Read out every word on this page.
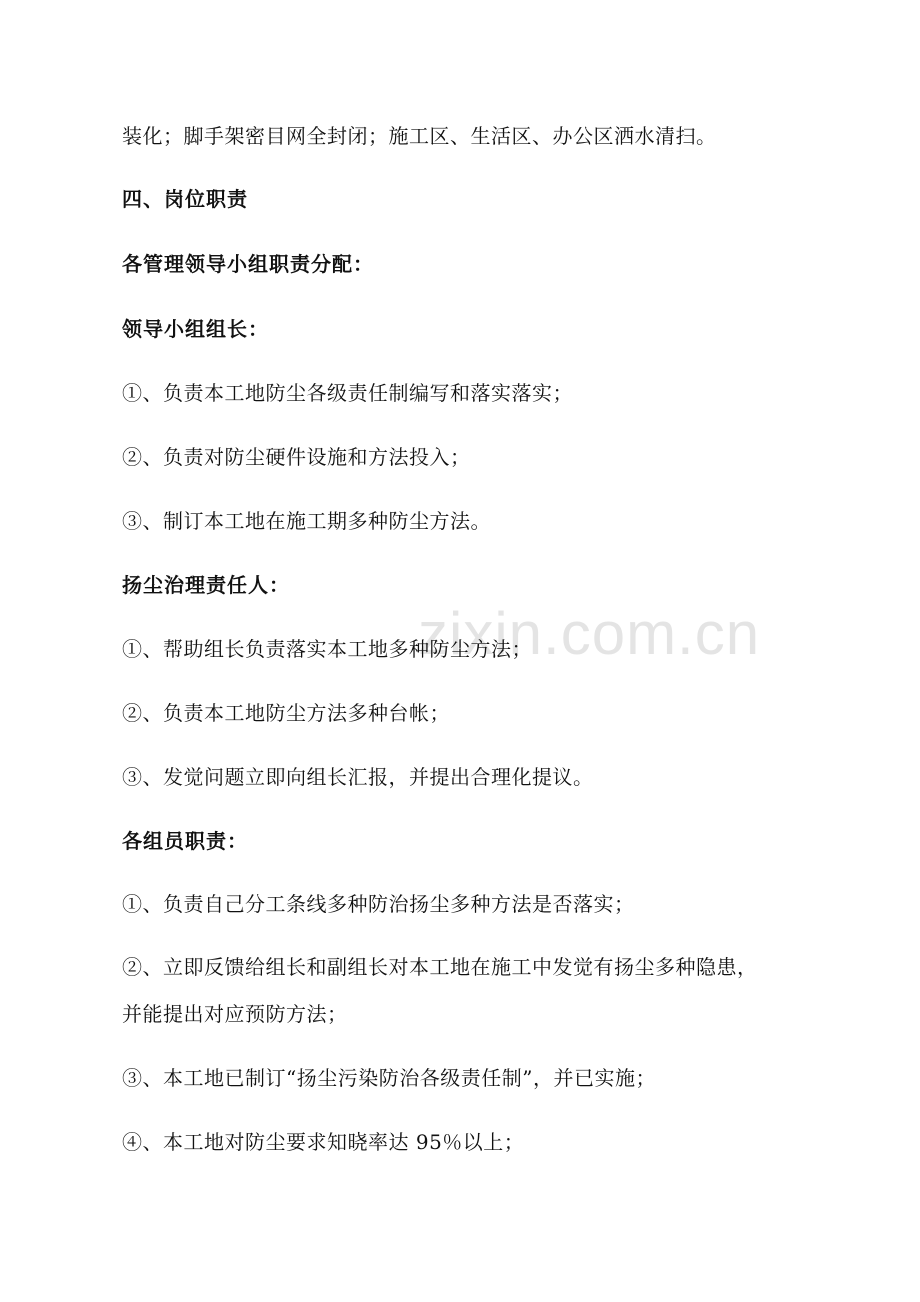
zixin.com.cn
装化；脚手架密目网全封闭；施工区、生活区、办公区洒水清扫。
四、岗位职责
各管理领导小组职责分配：
领导小组组长：
①、负责本工地防尘各级责任制编写和落实落实；
②、负责对防尘硬件设施和方法投入；
③、制订本工地在施工期多种防尘方法。
扬尘治理责任人：
①、帮助组长负责落实本工地多种防尘方法；
②、负责本工地防尘方法多种台帐；
③、发觉问题立即向组长汇报，并提出合理化提议。
各组员职责：
①、负责自己分工条线多种防治扬尘多种方法是否落实；
②、立即反馈给组长和副组长对本工地在施工中发觉有扬尘多种隐患，
并能提出对应预防方法；
③、本工地已制订“扬尘污染防治各级责任制”，并已实施；
④、本工地对防尘要求知晓率达 95％以上；
